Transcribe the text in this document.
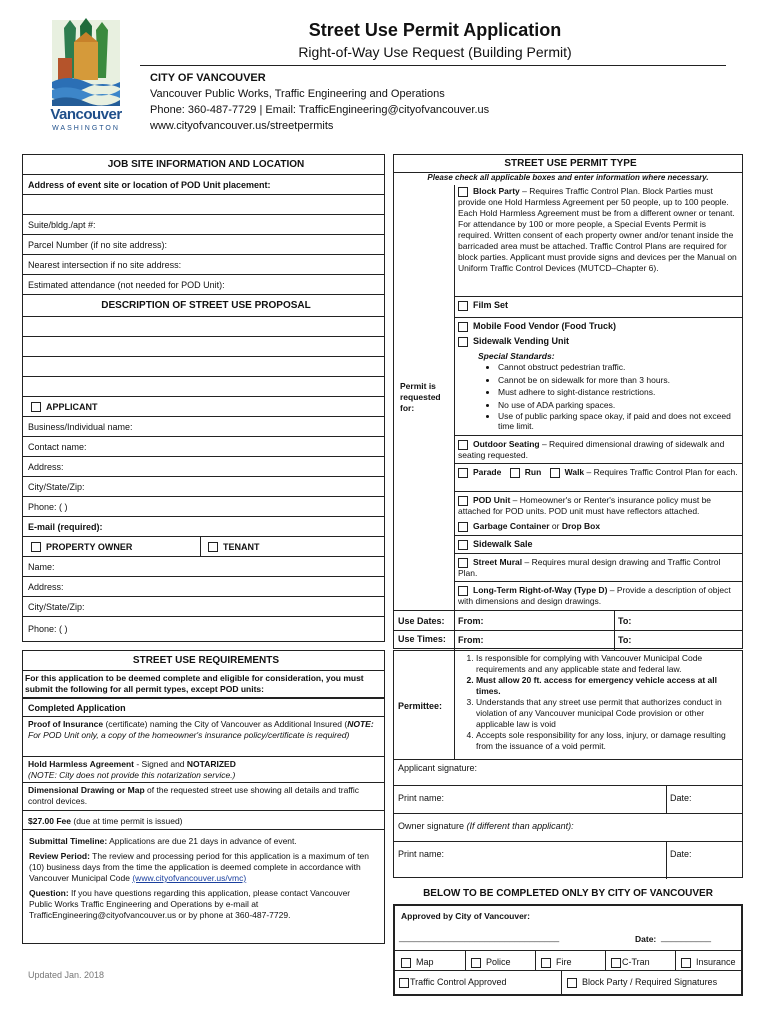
Vancouver
WASHINGTON
Street Use Permit Application
Right-of-Way Use Request (Building Permit)
CITY OF VANCOUVER
Vancouver Public Works, Traffic Engineering and Operations
Phone: 360-487-7729 | Email: TrafficEngineering@cityofvancouver.us
www.cityofvancouver.us/streetpermits
JOB SITE INFORMATION AND LOCATION
Address of event site or location of POD Unit placement:
Suite/bldg./apt #:
Parcel Number (if no site address):
Nearest intersection if no site address:
Estimated attendance (not needed for POD Unit):
DESCRIPTION OF STREET USE PROPOSAL
APPLICANT
Business/Individual name:
Contact name:
Address:
City/State/Zip:
Phone: ( )
E-mail (required):
PROPERTY OWNER	TENANT
Name:
Address:
City/State/Zip:
Phone: ( )
STREET USE REQUIREMENTS
For this application to be deemed complete and eligible for consideration, you must submit the following for all permit types, except POD units:
Completed Application
Proof of Insurance (certificate) naming the City of Vancouver as Additional Insured (NOTE: For POD Unit only, a copy of the homeowner's insurance policy/certificate is required)
Hold Harmless Agreement - Signed and NOTARIZED
(NOTE: City does not provide this notarization service.)
Dimensional Drawing or Map of the requested street use showing all details and traffic control devices.
$27.00 Fee (due at time permit is issued)
Submittal Timeline: Applications are due 21 days in advance of event.
Review Period: The review and processing period for this application is a maximum of ten (10) business days from the time the application is deemed complete in accordance with Vancouver Municipal Code (www.cityofvancouver.us/vmc)
Question: If you have questions regarding this application, please contact Vancouver Public Works Traffic Engineering and Operations by e-mail at TrafficEngineering@cityofvancouver.us or by phone at 360-487-7729.
Updated Jan. 2018
STREET USE PERMIT TYPE
Please check all applicable boxes and enter information where necessary.
Permit is requested for:
Block Party – Requires Traffic Control Plan. Block Parties must provide one Hold Harmless Agreement per 50 people, up to 100 people. Each Hold Harmless Agreement must be from a different owner or tenant. For attendance by 100 or more people, a Special Events Permit is required. Written consent of each property owner and/or tenant inside the barricaded area must be attached. Traffic Control Plans are required for block parties. Applicant must provide signs and devices per the Manual on Uniform Traffic Control Devices (MUTCD–Chapter 6).
Film Set
Mobile Food Vendor (Food Truck)
Sidewalk Vending Unit
Special Standards:
• Cannot obstruct pedestrian traffic.
• Cannot be on sidewalk for more than 3 hours.
• Must adhere to sight-distance restrictions.
• No use of ADA parking spaces.
• Use of public parking space okay, if paid and does not exceed time limit.
Outdoor Seating – Required dimensional drawing of sidewalk and seating requested.
Parade	Run	Walk – Requires Traffic Control Plan for each.
POD Unit – Homeowner's or Renter's insurance policy must be attached for POD units. POD unit must have reflectors attached.
Garbage Container or Drop Box
Sidewalk Sale
Street Mural – Requires mural design drawing and Traffic Control Plan.
Long-Term Right-of-Way (Type D) – Provide a description of object with dimensions and design drawings.
Use Dates: From:	To:
Use Times: From:	To:
Permittee:
1. Is responsible for complying with Vancouver Municipal Code requirements and any applicable state and federal law.
2. Must allow 20 ft. access for emergency vehicle access at all times.
3. Understands that any street use permit that authorizes conduct in violation of any Vancouver municipal Code provision or other applicable law is void
4. Accepts sole responsibility for any loss, injury, or damage resulting from the issuance of a void permit.
Applicant signature:
Print name:	Date:
Owner signature (If different than applicant):
Print name:	Date:
BELOW TO BE COMPLETED ONLY BY CITY OF VANCOUVER
Approved by City of Vancouver:
________________________________	Date: __________
Map	Police	Fire	C-Tran	Insurance
Traffic Control Approved	Block Party / Required Signatures
